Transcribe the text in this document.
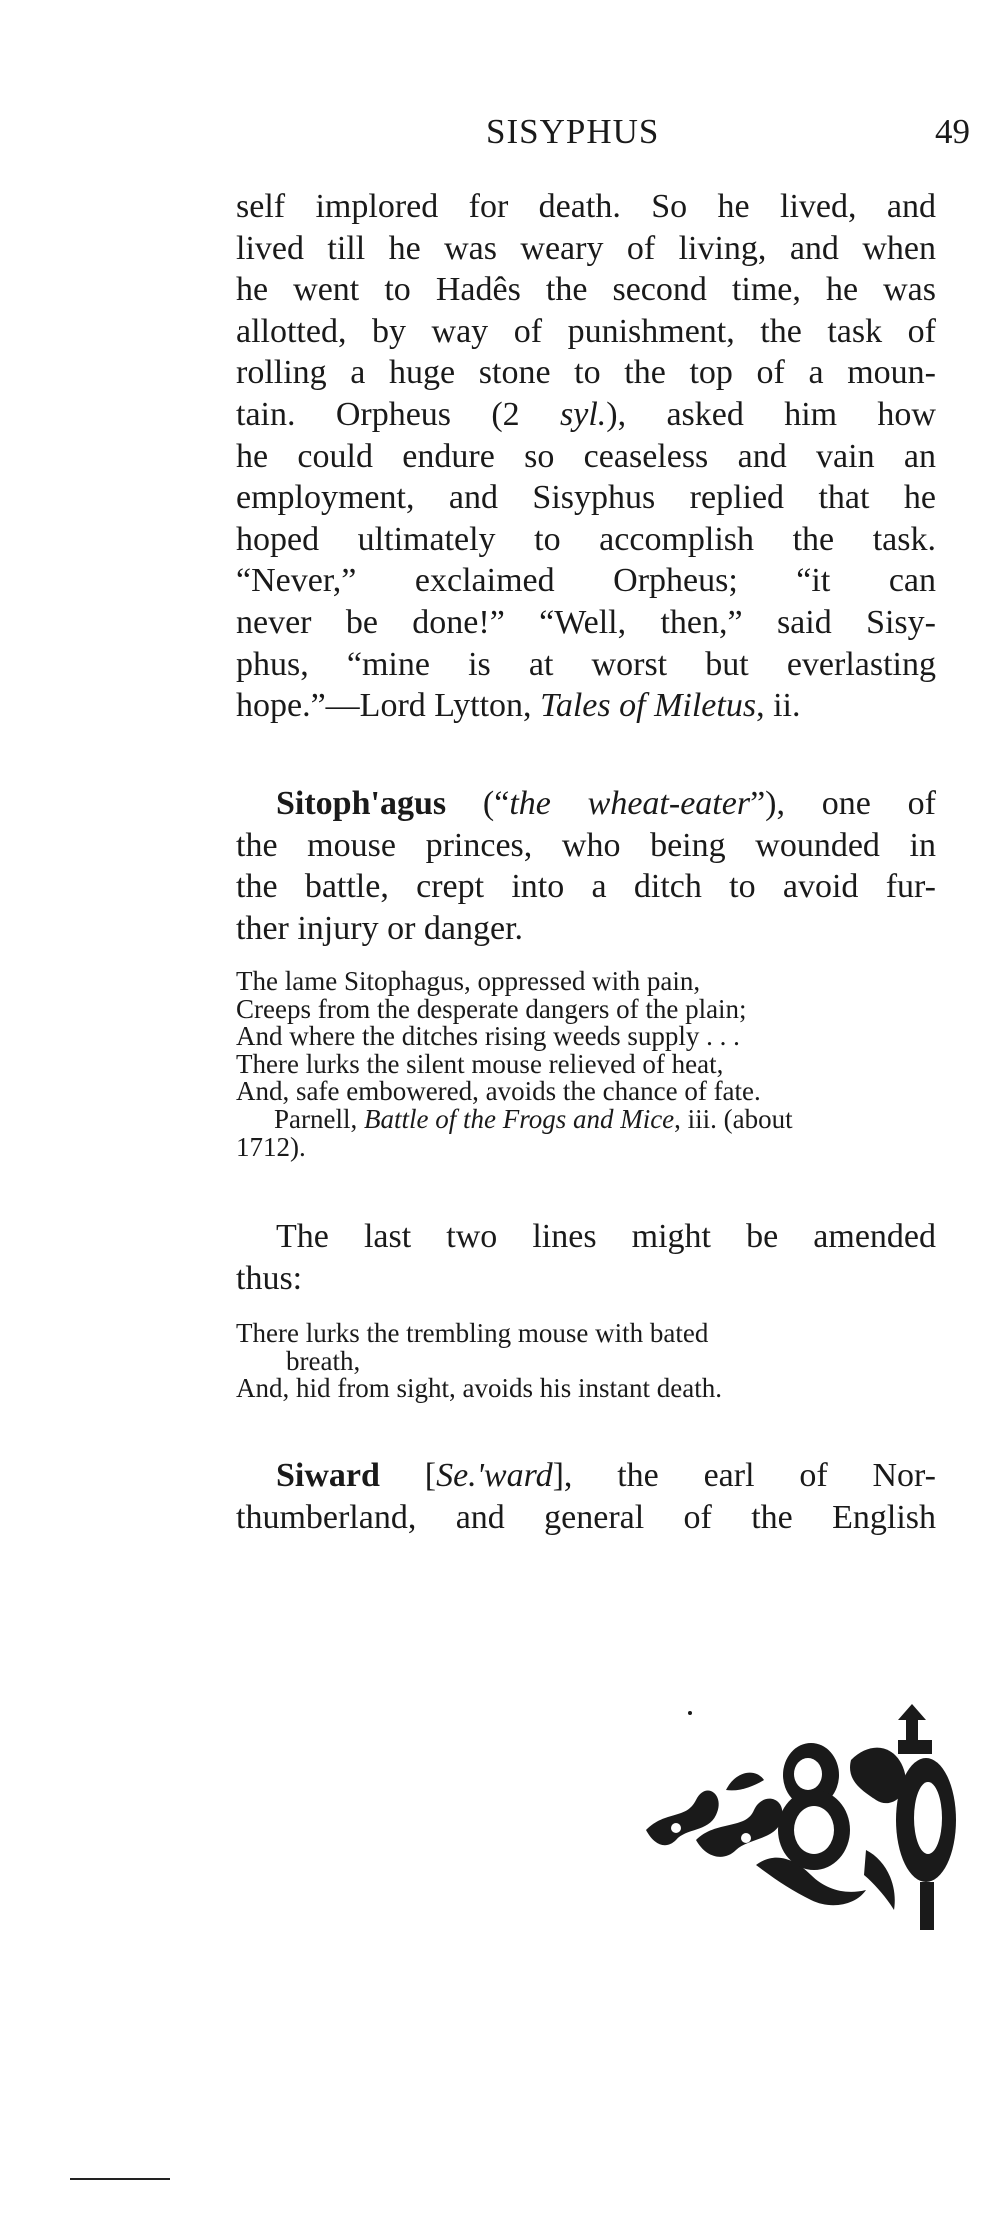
SISYPHUS	49

self implored for death. So he lived, and
lived till he was weary of living, and when
he went to Hadês the second time, he was
allotted, by way of punishment, the task of
rolling a huge stone to the top of a moun-
tain. Orpheus (2 syl.), asked him how
he could endure so ceaseless and vain an
employment, and Sisyphus replied that he
hoped ultimately to accomplish the task.
“Never,” exclaimed Orpheus; “it can
never be done!” “Well, then,” said Sisy-
phus, “mine is at worst but everlasting
hope.”—Lord Lytton, Tales of Miletus, ii.

Sitoph'agus (“the wheat-eater”), one of
the mouse princes, who being wounded in
the battle, crept into a ditch to avoid fur-
ther injury or danger.

The lame Sitophagus, oppressed with pain,
Creeps from the desperate dangers of the plain;
And where the ditches rising weeds supply . . .
There lurks the silent mouse relieved of heat,
And, safe embowered, avoids the chance of fate.
Parnell, Battle of the Frogs and Mice, iii. (about
1712).

The last two lines might be amended
thus:

There lurks the trembling mouse with bated
breath,
And, hid from sight, avoids his instant death.

Siward [Se.'ward], the earl of Nor-
thumberland, and general of the English
